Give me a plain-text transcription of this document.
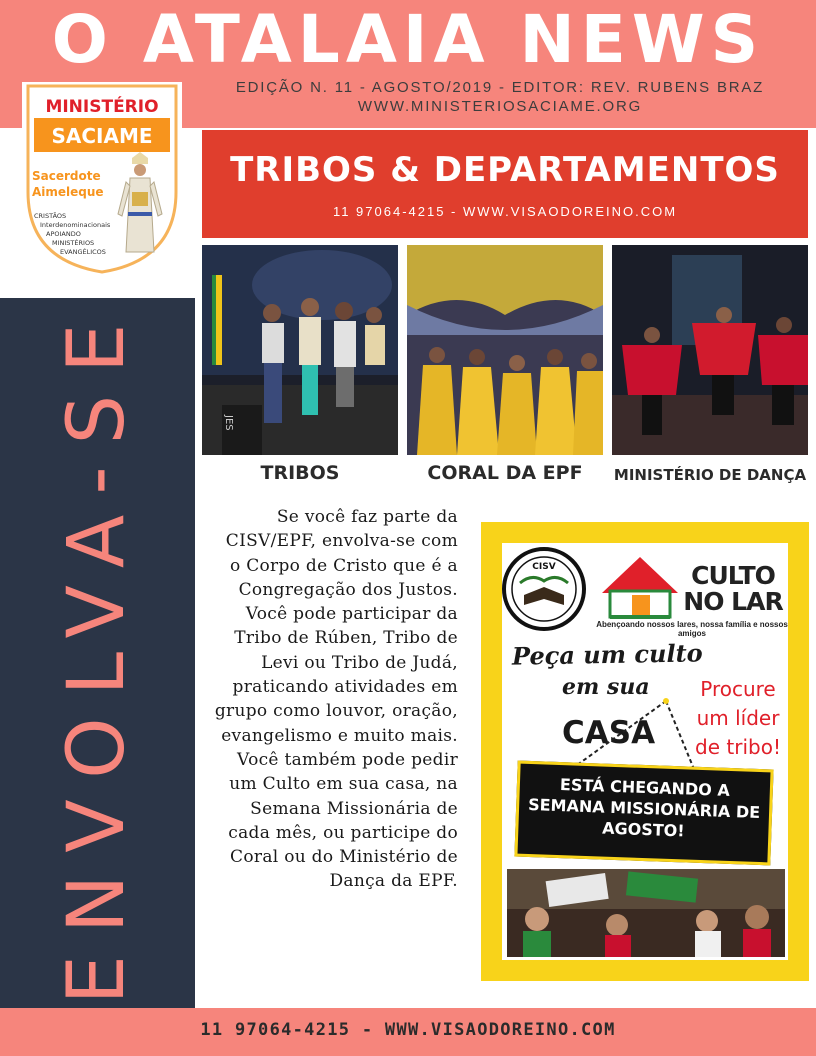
O ATALAIA NEWS
EDIÇÃO N. 11 - AGOSTO/2019 - EDITOR: REV. RUBENS BRAZ
WWW.MINISTERIOSACIAME.ORG
MINISTÉRIO
SACIAME
Sacerdote
Aimeleque
CRISTÃOS
Interdenominacionais
APOIANDO
MINISTÉRIOS
EVANGÉLICOS
ENVOLVA-SE
TRIBOS & DEPARTAMENTOS
11 97064-4215 - WWW.VISAODOREINO.COM
JES
TRIBOS	CORAL DA EPF	MINISTÉRIO DE DANÇA

Se você faz parte da CISV/EPF, envolva-se com o Corpo de Cristo que é a Congregação dos Justos. Você pode participar da Tribo de Rúben, Tribo de Levi ou Tribo de Judá, praticando atividades em grupo como louvor, oração, evangelismo e muito mais.

Você também pode pedir um Culto em sua casa, na Semana Missionária de cada mês, ou participe do Coral ou do Ministério de Dança da EPF.

CISV	CULTO NO LAR
Abençoando nossos lares, nossa família e nossos amigos
Peça um culto
em sua
CASA
Procure um líder de tribo!
ESTÁ CHEGANDO A SEMANA MISSIONÁRIA DE AGOSTO!
11 97064-4215 - WWW.VISAODOREINO.COM
